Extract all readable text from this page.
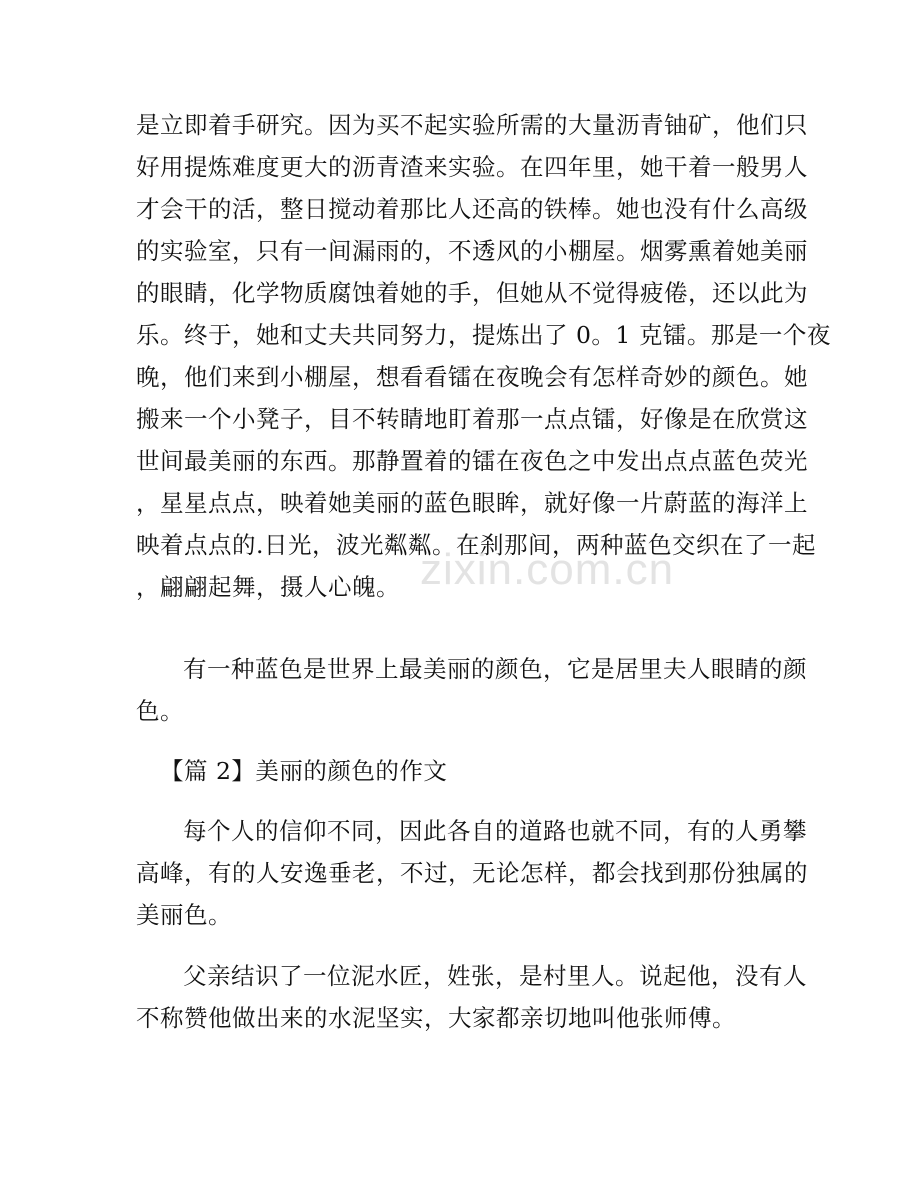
zixin.com.cn
是立即着手研究。因为买不起实验所需的大量沥青铀矿，他们只
好用提炼难度更大的沥青渣来实验。在四年里，她干着一般男人
才会干的活，整日搅动着那比人还高的铁棒。她也没有什么高级
的实验室，只有一间漏雨的，不透风的小棚屋。烟雾熏着她美丽
的眼睛，化学物质腐蚀着她的手，但她从不觉得疲倦，还以此为
乐。终于，她和丈夫共同努力，提炼出了 0。1 克镭。那是一个夜
晚，他们来到小棚屋，想看看镭在夜晚会有怎样奇妙的颜色。她
搬来一个小凳子，目不转睛地盯着那一点点镭，好像是在欣赏这
世间最美丽的东西。那静置着的镭在夜色之中发出点点蓝色荧光
，星星点点，映着她美丽的蓝色眼眸，就好像一片蔚蓝的海洋上
映着点点的.日光，波光粼粼。在刹那间，两种蓝色交织在了一起
，翩翩起舞，摄人心魄。
有一种蓝色是世界上最美丽的颜色，它是居里夫人眼睛的颜
色。
【篇 2】美丽的颜色的作文
每个人的信仰不同，因此各自的道路也就不同，有的人勇攀
高峰，有的人安逸垂老，不过，无论怎样，都会找到那份独属的
美丽色。
父亲结识了一位泥水匠，姓张，是村里人。说起他，没有人
不称赞他做出来的水泥坚实，大家都亲切地叫他张师傅。
